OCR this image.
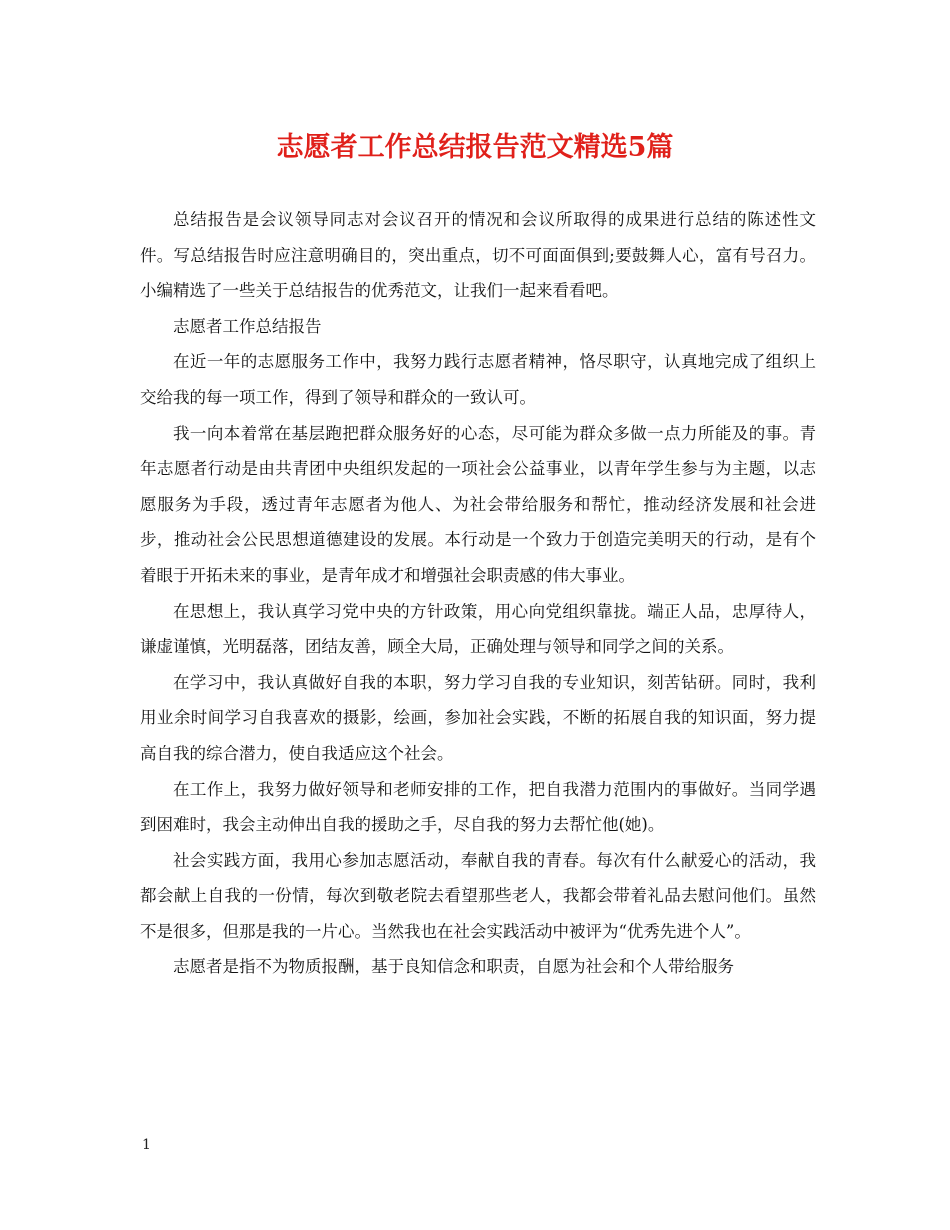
志愿者工作总结报告范文精选5篇

总结报告是会议领导同志对会议召开的情况和会议所取得的成果进行总结的陈述性文件。写总结报告时应注意明确目的，突出重点，切不可面面俱到;要鼓舞人心，富有号召力。小编精选了一些关于总结报告的优秀范文，让我们一起来看看吧。

志愿者工作总结报告

在近一年的志愿服务工作中，我努力践行志愿者精神，恪尽职守，认真地完成了组织上交给我的每一项工作，得到了领导和群众的一致认可。

我一向本着常在基层跑把群众服务好的心态，尽可能为群众多做一点力所能及的事。青年志愿者行动是由共青团中央组织发起的一项社会公益事业，以青年学生参与为主题，以志愿服务为手段，透过青年志愿者为他人、为社会带给服务和帮忙，推动经济发展和社会进步，推动社会公民思想道德建设的发展。本行动是一个致力于创造完美明天的行动，是有个着眼于开拓未来的事业，是青年成才和增强社会职责感的伟大事业。

在思想上，我认真学习党中央的方针政策，用心向党组织靠拢。端正人品，忠厚待人，谦虚谨慎，光明磊落，团结友善，顾全大局，正确处理与领导和同学之间的关系。

在学习中，我认真做好自我的本职，努力学习自我的专业知识，刻苦钻研。同时，我利用业余时间学习自我喜欢的摄影，绘画，参加社会实践，不断的拓展自我的知识面，努力提高自我的综合潜力，使自我适应这个社会。

在工作上，我努力做好领导和老师安排的工作，把自我潜力范围内的事做好。当同学遇到困难时，我会主动伸出自我的援助之手，尽自我的努力去帮忙他(她)。

社会实践方面，我用心参加志愿活动，奉献自我的青春。每次有什么献爱心的活动，我都会献上自我的一份情，每次到敬老院去看望那些老人，我都会带着礼品去慰问他们。虽然不是很多，但那是我的一片心。当然我也在社会实践活动中被评为“优秀先进个人”。

志愿者是指不为物质报酬，基于良知信念和职责，自愿为社会和个人带给服务

1
